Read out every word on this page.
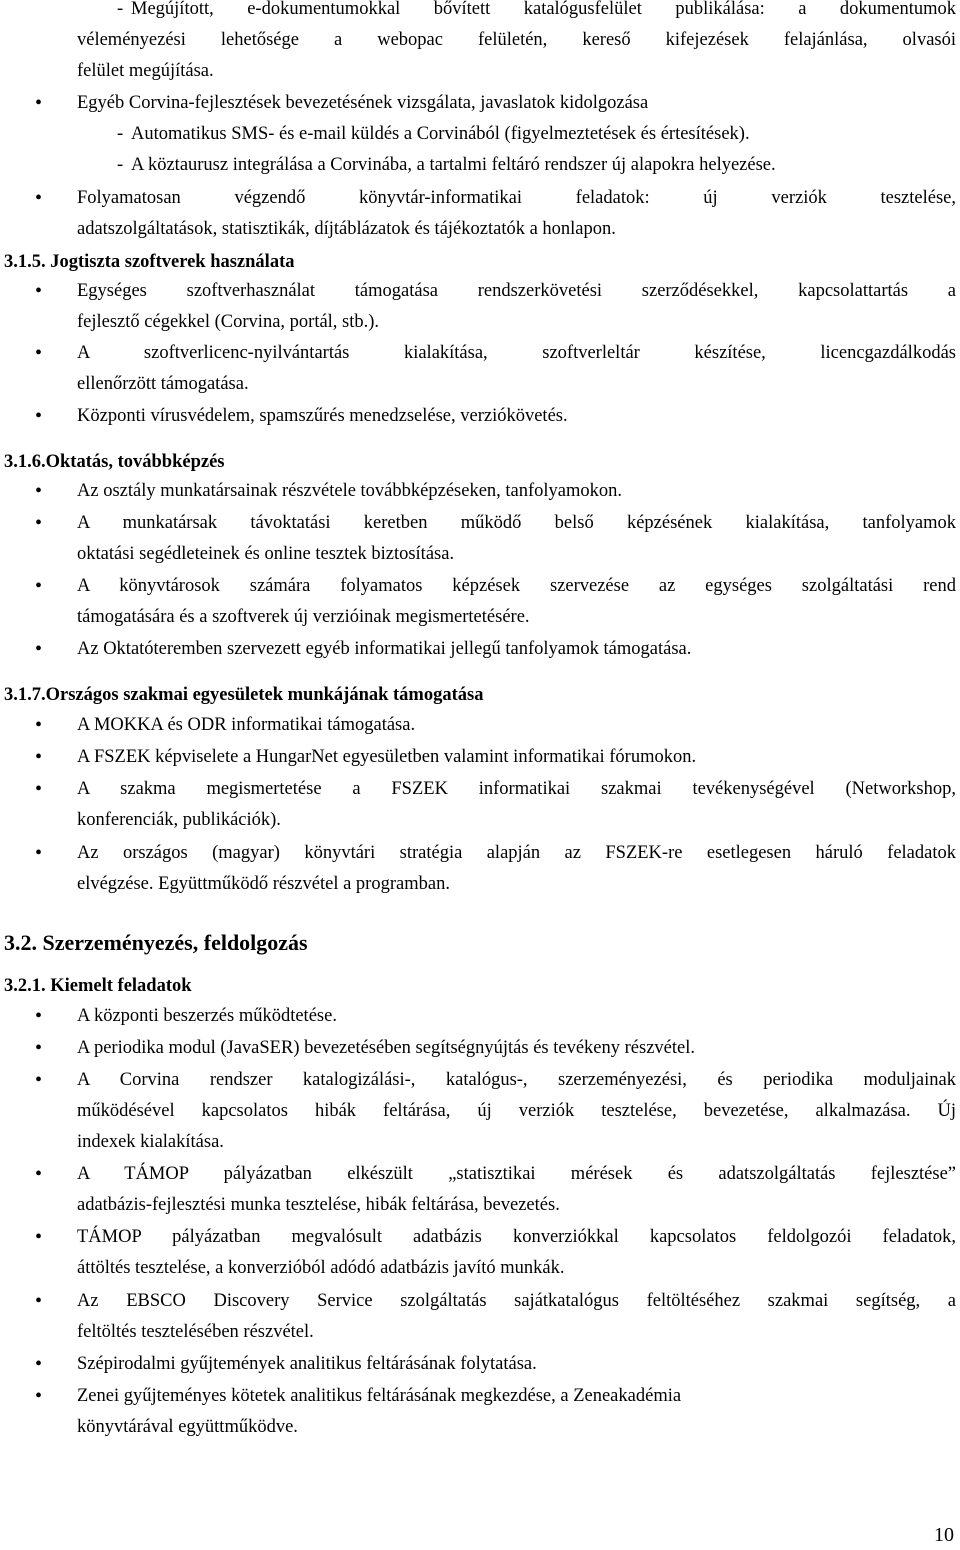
- Megújított, e-dokumentumokkal bővített katalógusfelület publikálása: a dokumentumok
véleményezési lehetősége a webopac felületén, kereső kifejezések felajánlása, olvasói
felület megújítása.
• Egyéb Corvina-fejlesztések bevezetésének vizsgálata, javaslatok kidolgozása
- Automatikus SMS- és e-mail küldés a Corvinából (figyelmeztetések és értesítések).
- A köztaurusz integrálása a Corvinába, a tartalmi feltáró rendszer új alapokra helyezése.
• Folyamatosan végzendő könyvtár-informatikai feladatok: új verziók tesztelése,
adatszolgáltatások, statisztikák, díjtáblázatok és tájékoztatók a honlapon.
3.1.5. Jogtiszta szoftverek használata
• Egységes szoftverhasználat támogatása rendszerkövetési szerződésekkel, kapcsolattartás a
fejlesztő cégekkel (Corvina, portál, stb.).
• A szoftverlicenc-nyilvántartás kialakítása, szoftverleltár készítése, licencgazdálkodás
ellenőrzött támogatása.
• Központi vírusvédelem, spamszűrés menedzselése, verziókövetés.
3.1.6.Oktatás, továbbképzés
• Az osztály munkatársainak részvétele továbbképzéseken, tanfolyamokon.
• A munkatársak távoktatási keretben működő belső képzésének kialakítása, tanfolyamok
oktatási segédleteinek és online tesztek biztosítása.
• A könyvtárosok számára folyamatos képzések szervezése az egységes szolgáltatási rend
támogatására és a szoftverek új verzióinak megismertetésére.
• Az Oktatóteremben szervezett egyéb informatikai jellegű tanfolyamok támogatása.
3.1.7.Országos szakmai egyesületek munkájának támogatása
• A MOKKA és ODR informatikai támogatása.
• A FSZEK képviselete a HungarNet egyesületben valamint informatikai fórumokon.
• A szakma megismertetése a FSZEK informatikai szakmai tevékenységével (Networkshop,
konferenciák, publikációk).
• Az országos (magyar) könyvtári stratégia alapján az FSZEK-re esetlegesen háruló feladatok
elvégzése. Együttműködő részvétel a programban.
3.2. Szerzeményezés, feldolgozás
3.2.1. Kiemelt feladatok
• A központi beszerzés működtetése.
• A periodika modul (JavaSER) bevezetésében segítségnyújtás és tevékeny részvétel.
• A Corvina rendszer katalogizálási-, katalógus-, szerzeményezési, és periodika moduljainak
működésével kapcsolatos hibák feltárása, új verziók tesztelése, bevezetése, alkalmazása. Új
indexek kialakítása.
• A TÁMOP pályázatban elkészült „statisztikai mérések és adatszolgáltatás fejlesztése”
adatbázis-fejlesztési munka tesztelése, hibák feltárása, bevezetés.
• TÁMOP pályázatban megvalósult adatbázis konverziókkal kapcsolatos feldolgozói feladatok,
áttöltés tesztelése, a konverzióból adódó adatbázis javító munkák.
• Az EBSCO Discovery Service szolgáltatás sajátkatalógus feltöltéséhez szakmai segítség, a
feltöltés tesztelésében részvétel.
• Szépirodalmi gyűjtemények analitikus feltárásának folytatása.
• Zenei gyűjteményes kötetek analitikus feltárásának megkezdése, a Zeneakadémia
könyvtárával együttműködve.
10
